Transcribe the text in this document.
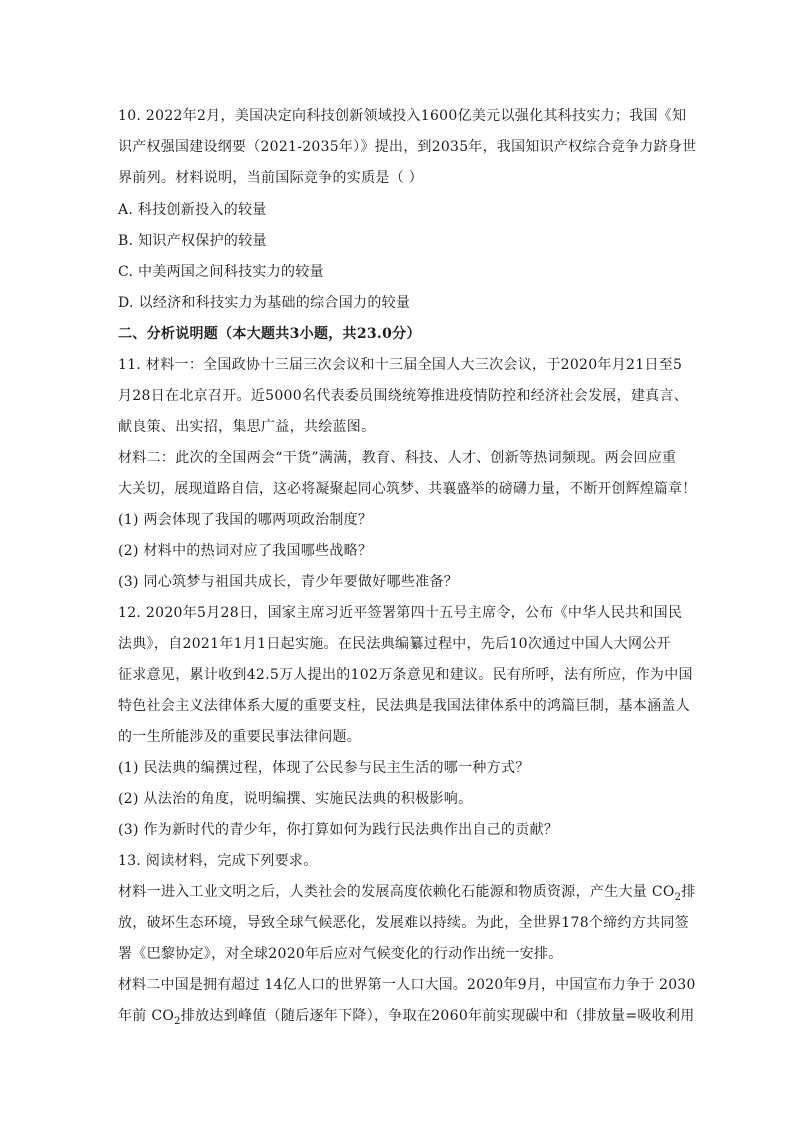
10. 2022年2月，美国决定向科技创新领域投入1600亿美元以强化其科技实力；我国《知
识产权强国建设纲要（2021-2035年）》提出，到2035年，我国知识产权综合竞争力跻身世
界前列。材料说明，当前国际竞争的实质是（ ）
A. 科技创新投入的较量
B. 知识产权保护的较量
C. 中美两国之间科技实力的较量
D. 以经济和科技实力为基础的综合国力的较量
二、分析说明题（本大题共3小题，共23.0分）
11. 材料一：全国政协十三届三次会议和十三届全国人大三次会议，于2020年月21日至5
月28日在北京召开。近5000名代表委员围绕统筹推进疫情防控和经济社会发展，建真言、
献良策、出实招，集思广益，共绘蓝图。
材料二：此次的全国两会“干货”满满，教育、科技、人才、创新等热词频现。两会回应重
大关切，展现道路自信，这必将凝聚起同心筑梦、共襄盛举的磅礴力量，不断开创辉煌篇章！
(1) 两会体现了我国的哪两项政治制度？
(2) 材料中的热词对应了我国哪些战略？
(3) 同心筑梦与祖国共成长，青少年要做好哪些准备？
12. 2020年5月28日，国家主席习近平签署第四十五号主席令，公布《中华人民共和国民
法典》，自2021年1月1日起实施。在民法典编纂过程中，先后10次通过中国人大网公开
征求意见，累计收到42.5万人提出的102万条意见和建议。民有所呼，法有所应，作为中国
特色社会主义法律体系大厦的重要支柱，民法典是我国法律体系中的鸿篇巨制，基本涵盖人
的一生所能涉及的重要民事法律问题。
(1) 民法典的编撰过程，体现了公民参与民主生活的哪一种方式？
(2) 从法治的角度，说明编撰、实施民法典的积极影响。
(3) 作为新时代的青少年，你打算如何为践行民法典作出自己的贡献？
13. 阅读材料，完成下列要求。
材料一进入工业文明之后，人类社会的发展高度依赖化石能源和物质资源，产生大量 $CO_2$排
放，破坏生态环境，导致全球气候恶化，发展难以持续。为此，全世界178个缔约方共同签
署《巴黎协定》，对全球2020年后应对气候变化的行动作出统一安排。
材料二中国是拥有超过 14亿人口的世界第一人口大国。2020年9月，中国宣布力争于 2030
年前 $CO_2$排放达到峰值（随后逐年下降），争取在2060年前实现碳中和（排放量=吸收利用
